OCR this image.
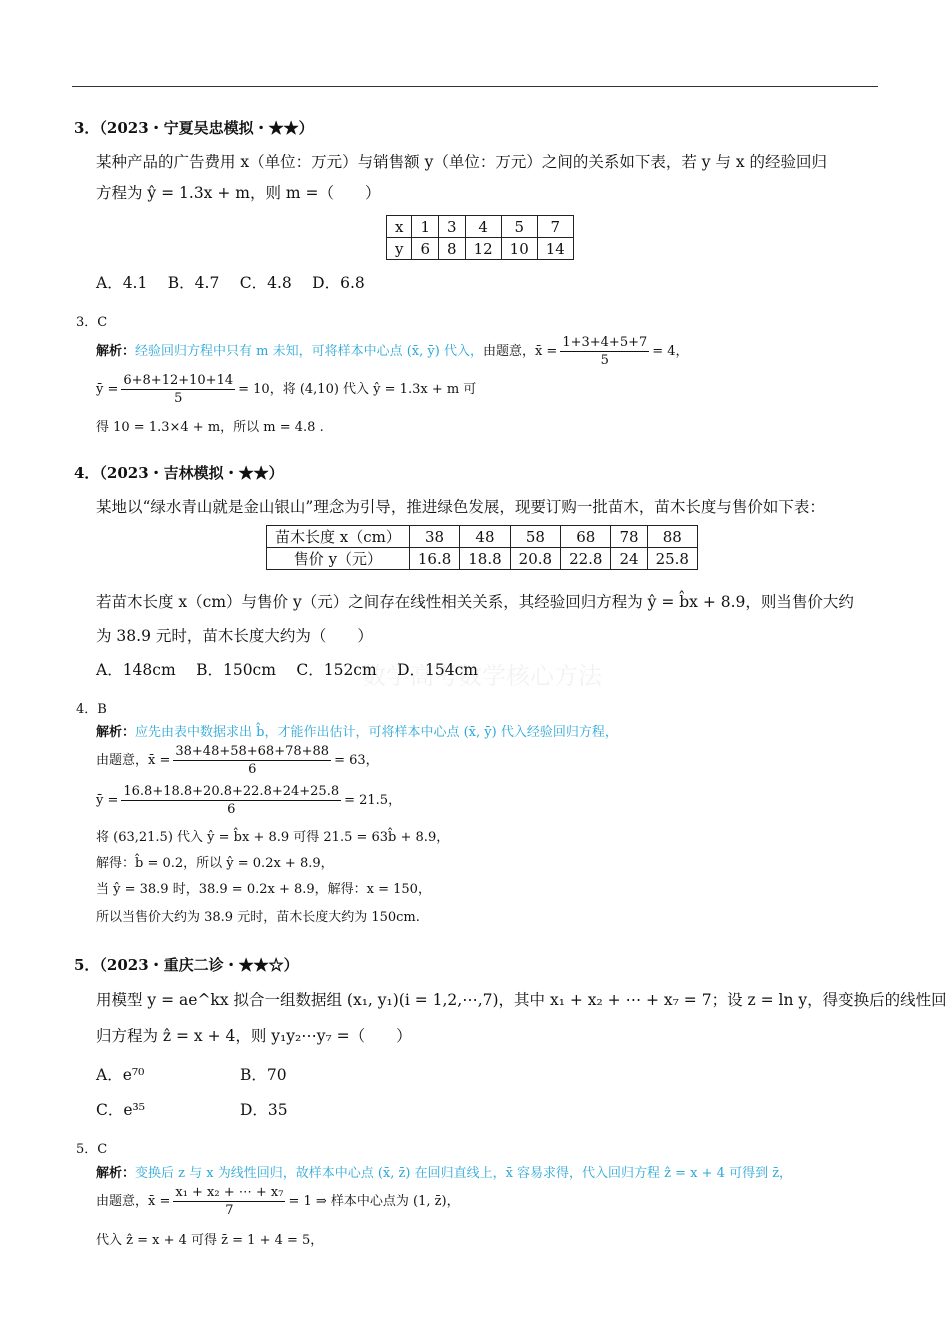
数学高考数学核心方法
3．（2023・宁夏吴忠模拟・★★）
某种产品的广告费用 x（单位：万元）与销售额 y（单位：万元）之间的关系如下表，若 y 与 x 的经验回归
方程为 ŷ = 1.3x + m，则 m =（　　）
x	1	3	4	5	7
y	6	8	12	10	14
A．4.1　 B．4.7　 C．4.8　 D．6.8
3．C
解析：经验回归方程中只有 m 未知，可将样本中心点 (x̄, ȳ) 代入，由题意，x̄ = $\frac{1+3+4+5+7}{5} = 4$，
ȳ = $\frac{6+8+12+10+14}{5} = 10$，将 (4,10) 代入 ŷ = 1.3x + m 可
得 10 = 1.3×4 + m，所以 m = 4.8 .
4．（2023・吉林模拟・★★）
某地以“绿水青山就是金山银山”理念为引导，推进绿色发展，现要订购一批苗木，苗木长度与售价如下表：
苗木长度 x（cm）	38	48	58	68	78	88
售价 y（元）	16.8	18.8	20.8	22.8	24	25.8
若苗木长度 x（cm）与售价 y（元）之间存在线性相关关系，其经验回归方程为 ŷ = b̂x + 8.9，则当售价大约
为 38.9 元时，苗木长度大约为（　　）
A．148cm　 B．150cm　 C．152cm　 D．154cm
4．B
解析：应先由表中数据求出 b̂，才能作出估计，可将样本中心点 (x̄, ȳ) 代入经验回归方程，
由题意，x̄ = $\frac{38+48+58+68+78+88}{6} = 63$，
ȳ = $\frac{16.8+18.8+20.8+22.8+24+25.8}{6} = 21.5$，
将 (63,21.5) 代入 ŷ = b̂x + 8.9 可得 21.5 = 63b̂ + 8.9，
解得：b̂ = 0.2，所以 ŷ = 0.2x + 8.9，
当 ŷ = 38.9 时，38.9 = 0.2x + 8.9，解得：x = 150，
所以当售价大约为 38.9 元时，苗木长度大约为 150cm.
5．（2023・重庆二诊・★★☆）
用模型 y = ae^kx 拟合一组数据组 (x₁, y₁)(i = 1,2,⋯,7)，其中 x₁ + x₂ + ⋯ + x₇ = 7；设 z = ln y，得变换后的线性回
归方程为 ẑ = x + 4，则 y₁y₂⋯y₇ =（　　）
A．e⁷⁰	B．70
C．e³⁵	D．35
5．C
解析：变换后 z 与 x 为线性回归，故样本中心点 (x̄, z̄) 在回归直线上，x̄ 容易求得，代入回归方程 ẑ = x + 4 可得到 z̄，
由题意，x̄ = $\frac{\text{x₁ + x₂ + ⋯ + x₇}}{7} = 1$ ⇒ 样本中心点为 (1, z̄)，
代入 ẑ = x + 4 可得 z̄ = 1 + 4 = 5，
